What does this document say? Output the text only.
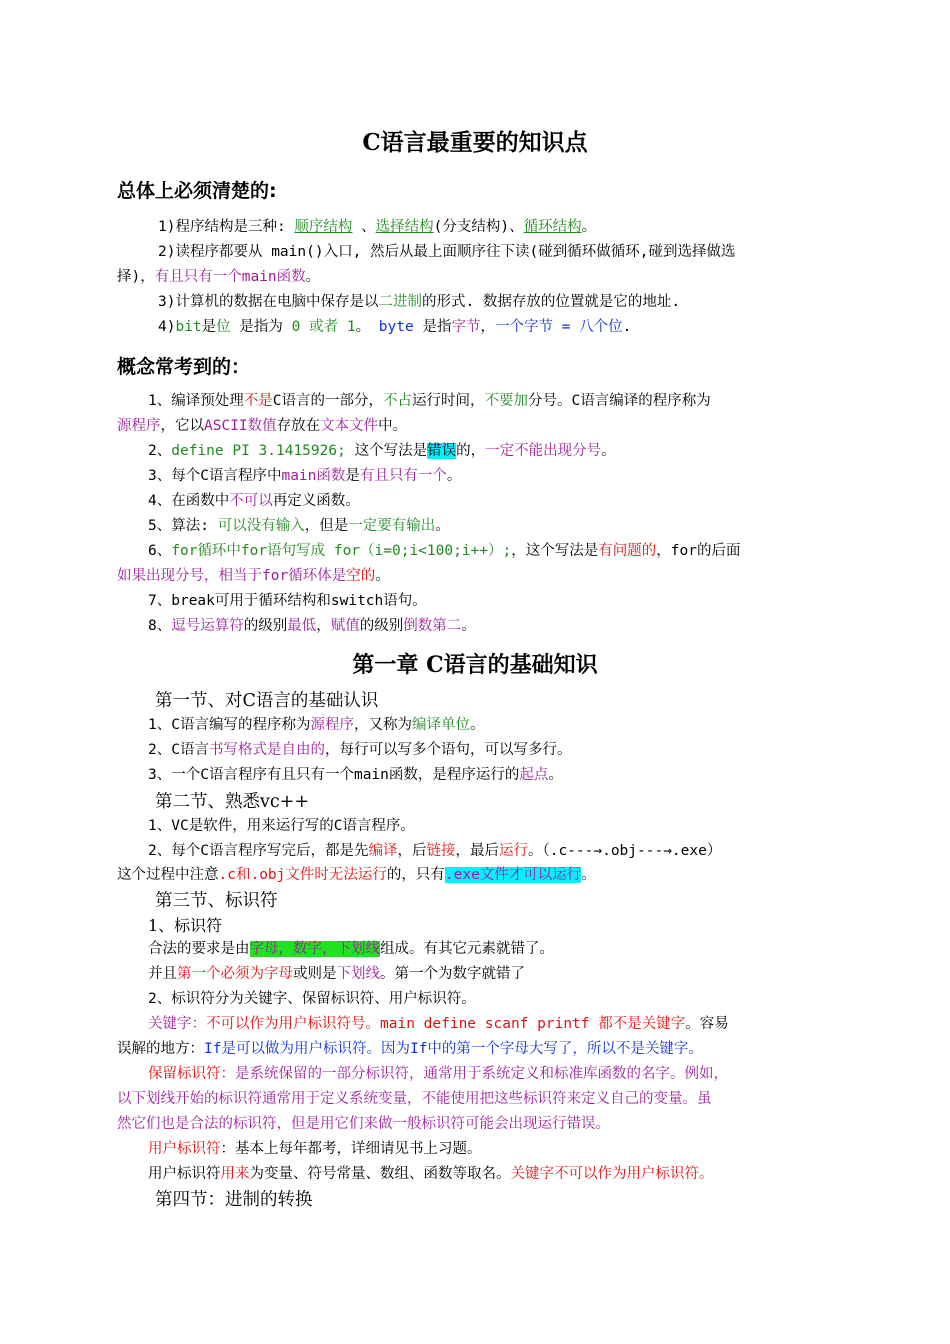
C语言最重要的知识点
总体上必须清楚的:
1)程序结构是三种: 顺序结构 、选择结构(分支结构)、循环结构。
2)读程序都要从 main()入口, 然后从最上面顺序往下读(碰到循环做循环,碰到选择做选
择)，有且只有一个main函数。
3)计算机的数据在电脑中保存是以二进制的形式. 数据存放的位置就是它的地址.
4)bit是位 是指为 0 或者 1。 byte 是指字节，一个字节 = 八个位.
概念常考到的：
1、编译预处理不是C语言的一部分，不占运行时间，不要加分号。C语言编译的程序称为
源程序，它以ASCII数值存放在文本文件中。
2、define PI 3.1415926; 这个写法是错误的，一定不能出现分号。
3、每个C语言程序中main函数是有且只有一个。
4、在函数中不可以再定义函数。
5、算法: 可以没有输入，但是一定要有输出。
6、for循环中for语句写成 for（i=0;i<100;i++）;，这个写法是有问题的，for的后面
如果出现分号，相当于for循环体是空的。
7、break可用于循环结构和switch语句。
8、逗号运算符的级别最低，赋值的级别倒数第二。
第一章 C语言的基础知识
第一节、对C语言的基础认识
1、C语言编写的程序称为源程序，又称为编译单位。
2、C语言书写格式是自由的，每行可以写多个语句，可以写多行。
3、一个C语言程序有且只有一个main函数，是程序运行的起点。
第二节、熟悉vc++
1、VC是软件，用来运行写的C语言程序。
2、每个C语言程序写完后，都是先编译，后链接，最后运行。（.c---→.obj---→.exe）
这个过程中注意.c和.obj文件时无法运行的，只有.exe文件才可以运行。
第三节、标识符
1、标识符
合法的要求是由字母，数字，下划线组成。有其它元素就错了。
并且第一个必须为字母或则是下划线。第一个为数字就错了
2、标识符分为关键字、保留标识符、用户标识符。
关键字：不可以作为用户标识符号。main define scanf printf 都不是关键字。容易
误解的地方：If是可以做为用户标识符。因为If中的第一个字母大写了，所以不是关键字。
保留标识符：是系统保留的一部分标识符，通常用于系统定义和标准库函数的名字。例如，
以下划线开始的标识符通常用于定义系统变量，不能使用把这些标识符来定义自己的变量。虽
然它们也是合法的标识符，但是用它们来做一般标识符可能会出现运行错误。
用户标识符：基本上每年都考，详细请见书上习题。
用户标识符用来为变量、符号常量、数组、函数等取名。关键字不可以作为用户标识符。
第四节：进制的转换
